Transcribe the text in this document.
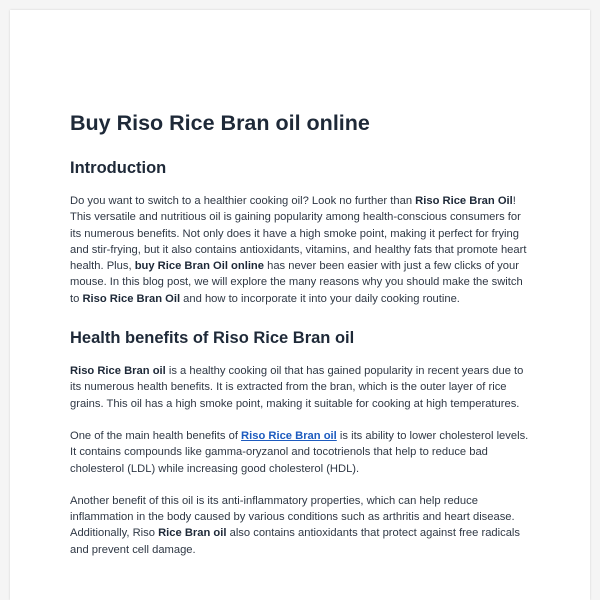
Buy Riso Rice Bran oil online
Introduction

Do you want to switch to a healthier cooking oil? Look no further than Riso Rice Bran Oil! This versatile and nutritious oil is gaining popularity among health-conscious consumers for its numerous benefits. Not only does it have a high smoke point, making it perfect for frying and stir-frying, but it also contains antioxidants, vitamins, and healthy fats that promote heart health. Plus, buy Rice Bran Oil online has never been easier with just a few clicks of your mouse. In this blog post, we will explore the many reasons why you should make the switch to Riso Rice Bran Oil and how to incorporate it into your daily cooking routine.

Health benefits of Riso Rice Bran oil

Riso Rice Bran oil is a healthy cooking oil that has gained popularity in recent years due to its numerous health benefits. It is extracted from the bran, which is the outer layer of rice grains. This oil has a high smoke point, making it suitable for cooking at high temperatures.

One of the main health benefits of Riso Rice Bran oil is its ability to lower cholesterol levels. It contains compounds like gamma-oryzanol and tocotrienols that help to reduce bad cholesterol (LDL) while increasing good cholesterol (HDL).

Another benefit of this oil is its anti-inflammatory properties, which can help reduce inflammation in the body caused by various conditions such as arthritis and heart disease. Additionally, Riso Rice Bran oil also contains antioxidants that protect against free radicals and prevent cell damage.
